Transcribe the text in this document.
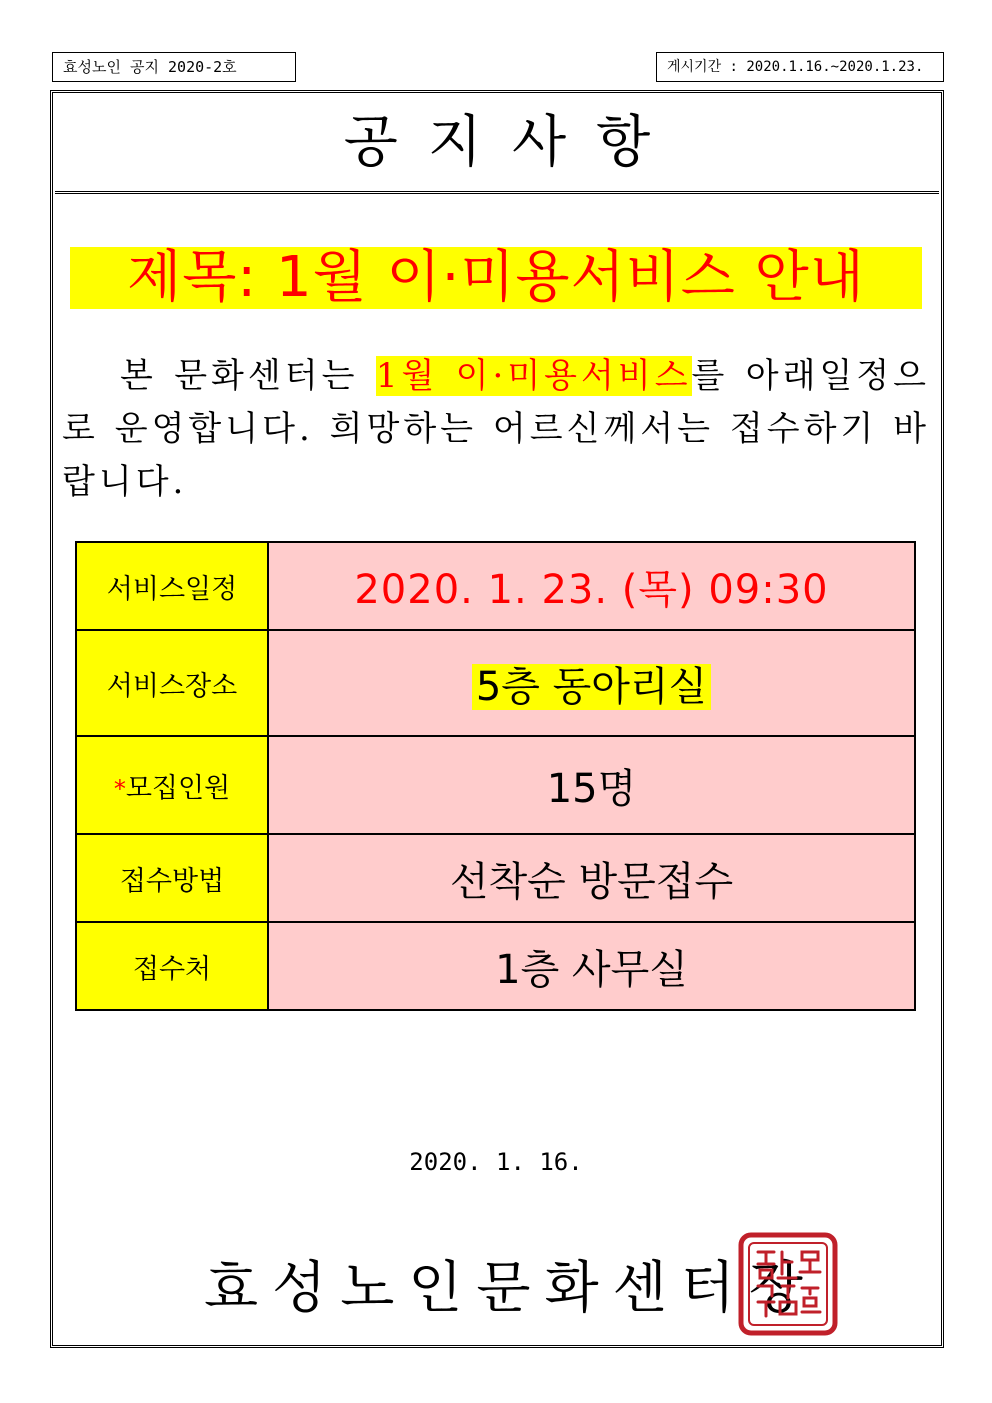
효성노인 공지 2020-2호	게시기간 : 2020.1.16.~2020.1.23.
공지사항
제목: 1월 이·미용서비스 안내
　 본 문화센터는 1월 이·미용서비스를 아래일정으로 운영합니다. 희망하는 어르신께서는 접수하기 바랍니다.
서비스일정	2020. 1. 23. (목) 09:30
서비스장소	5층 동아리실
*모집인원	15명
접수방법	선착순 방문접수
접수처	1층 사무실
2020. 1. 16.
효성노인문화센터장
